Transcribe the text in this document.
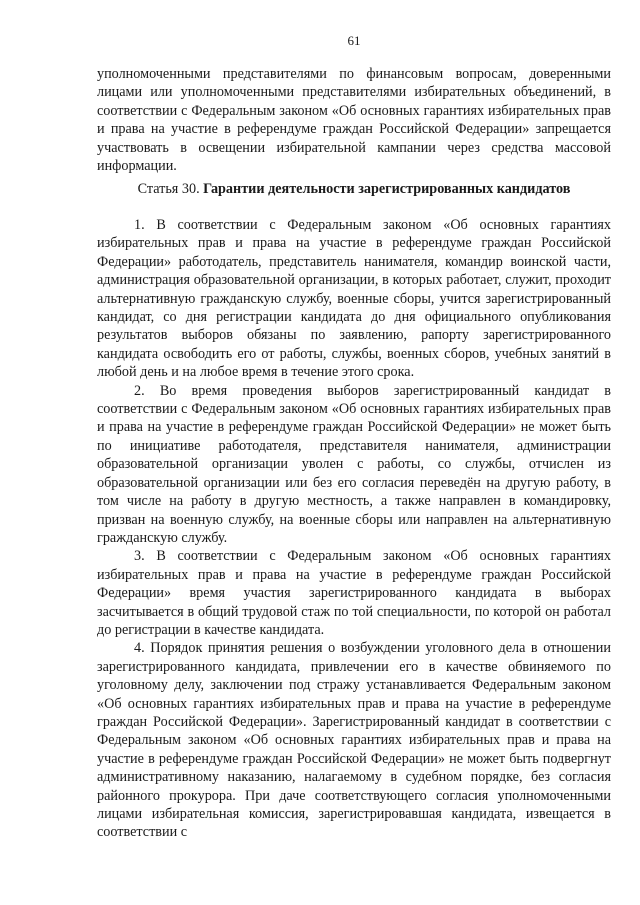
61

уполномоченными представителями по финансовым вопросам, доверенными лицами или уполномоченными представителями избирательных объединений, в соответствии с Федеральным законом «Об основных гарантиях избирательных прав и права на участие в референдуме граждан Российской Федерации» запрещается участвовать в освещении избирательной кампании через средства массовой информации.

Статья 30. Гарантии деятельности зарегистрированных кандидатов

1. В соответствии с Федеральным законом «Об основных гарантиях избирательных прав и права на участие в референдуме граждан Российской Федерации» работодатель, представитель нанимателя, командир воинской части, администрация образовательной организации, в которых работает, служит, проходит альтернативную гражданскую службу, военные сборы, учится зарегистрированный кандидат, со дня регистрации кандидата до дня официального опубликования результатов выборов обязаны по заявлению, рапорту зарегистрированного кандидата освободить его от работы, службы, военных сборов, учебных занятий в любой день и на любое время в течение этого срока.

2. Во время проведения выборов зарегистрированный кандидат в соответствии с Федеральным законом «Об основных гарантиях избирательных прав и права на участие в референдуме граждан Российской Федерации» не может быть по инициативе работодателя, представителя нанимателя, администрации образовательной организации уволен с работы, со службы, отчислен из образовательной организации или без его согласия переведён на другую работу, в том числе на работу в другую местность, а также направлен в командировку, призван на военную службу, на военные сборы или направлен на альтернативную гражданскую службу.

3. В соответствии с Федеральным законом «Об основных гарантиях избирательных прав и права на участие в референдуме граждан Российской Федерации» время участия зарегистрированного кандидата в выборах засчитывается в общий трудовой стаж по той специальности, по которой он работал до регистрации в качестве кандидата.

4. Порядок принятия решения о возбуждении уголовного дела в отношении зарегистрированного кандидата, привлечении его в качестве обвиняемого по уголовному делу, заключении под стражу устанавливается Федеральным законом «Об основных гарантиях избирательных прав и права на участие в референдуме граждан Российской Федерации». Зарегистрированный кандидат в соответствии с Федеральным законом «Об основных гарантиях избирательных прав и права на участие в референдуме граждан Российской Федерации» не может быть подвергнут административному наказанию, налагаемому в судебном порядке, без согласия районного прокурора. При даче соответствующего согласия уполномоченными лицами избирательная комиссия, зарегистрировавшая кандидата, извещается в соответствии с
